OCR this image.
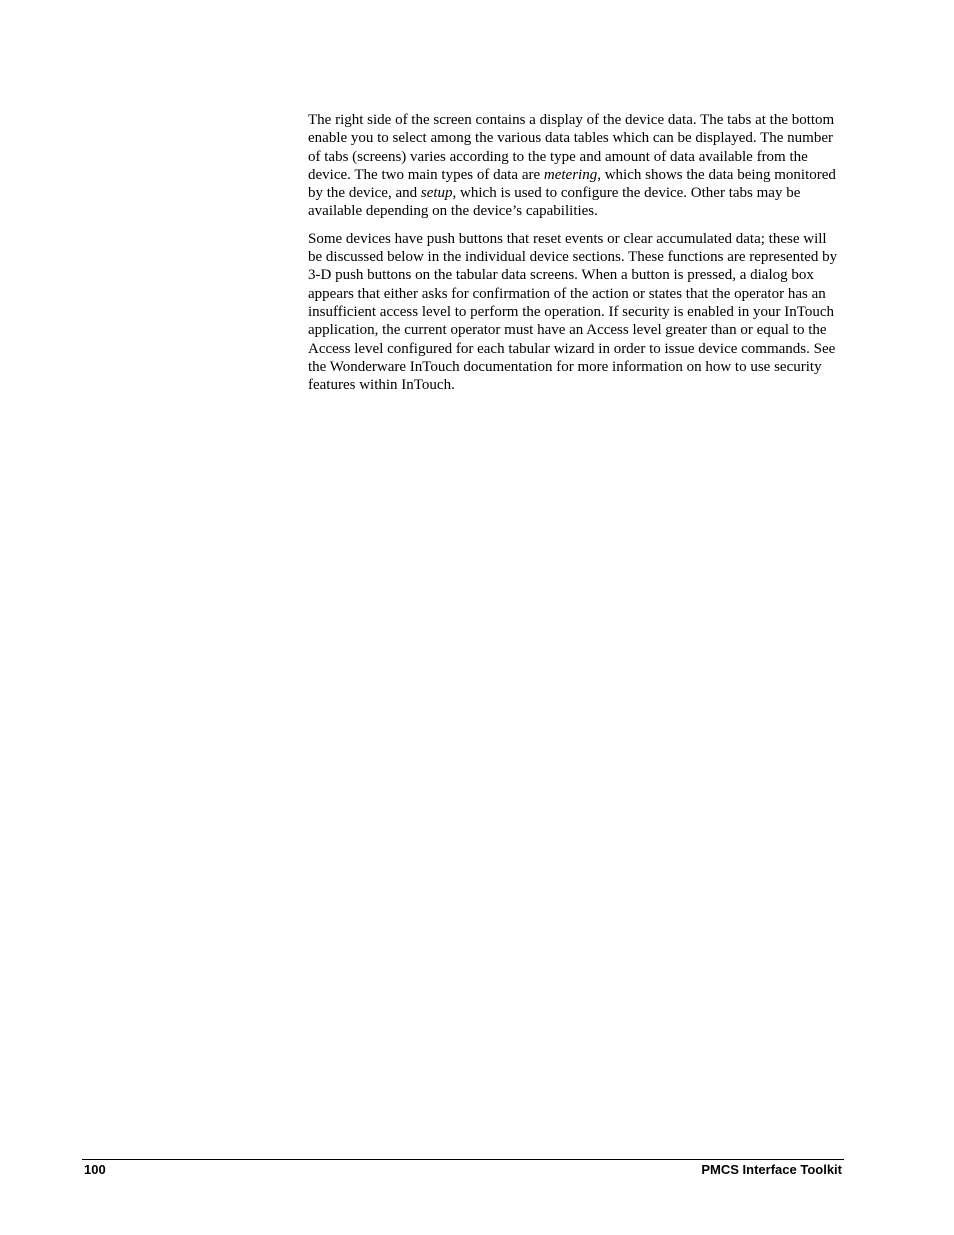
The right side of the screen contains a display of the device data. The tabs at the bottom enable you to select among the various data tables which can be displayed. The number of tabs (screens) varies according to the type and amount of data available from the device. The two main types of data are metering, which shows the data being monitored by the device, and setup, which is used to configure the device. Other tabs may be available depending on the device’s capabilities.

Some devices have push buttons that reset events or clear accumulated data; these will be discussed below in the individual device sections. These functions are represented by 3-D push buttons on the tabular data screens. When a button is pressed, a dialog box appears that either asks for confirmation of the action or states that the operator has an insufficient access level to perform the operation. If security is enabled in your InTouch application, the current operator must have an Access level greater than or equal to the Access level configured for each tabular wizard in order to issue device commands. See the Wonderware InTouch documentation for more information on how to use security features within InTouch.

100	PMCS Interface Toolkit
